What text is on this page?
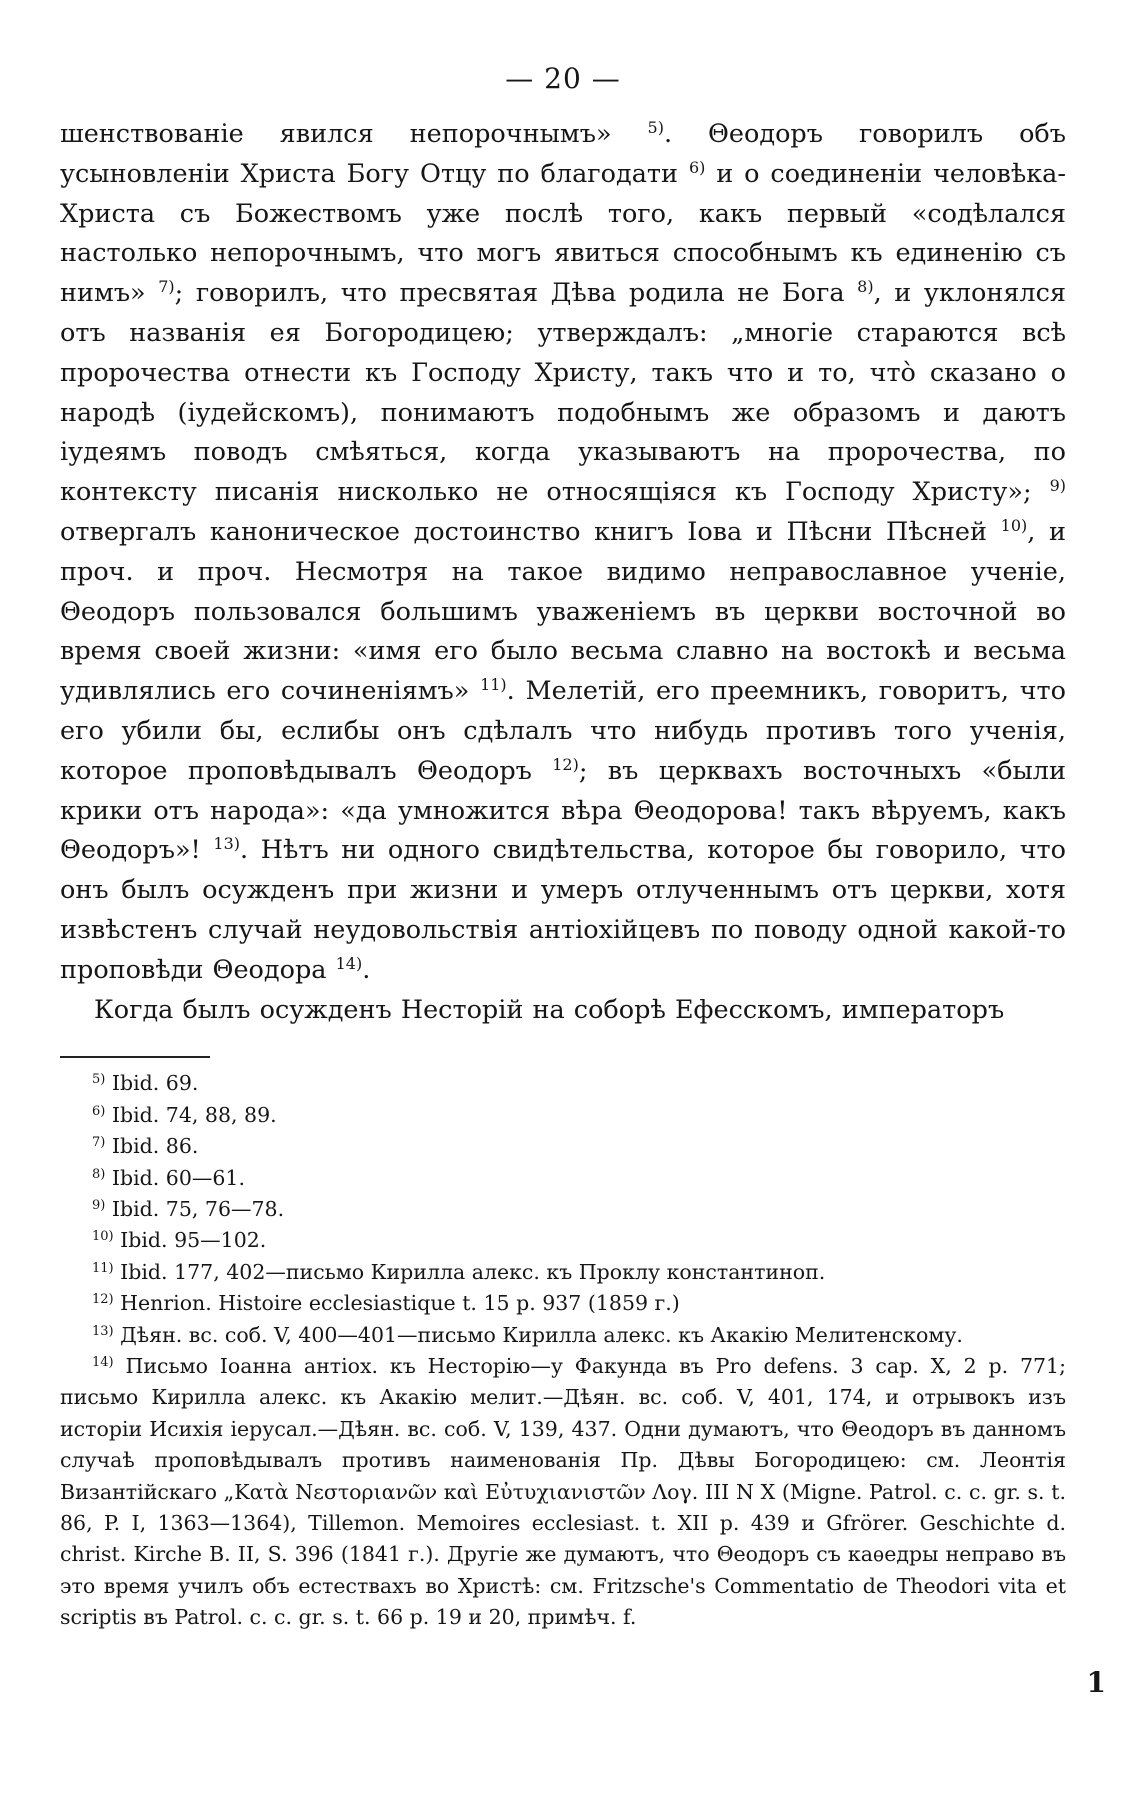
— 20 —

шенствованіе явился непорочнымъ» $^{5)}$. Θеодоръ говорилъ объ усыновленіи Христа Богу Отцу по благодати $^{6)}$ и о соединеніи человѣка-Христа съ Божествомъ уже послѣ того, какъ первый «содѣлался настолько непорочнымъ, что могъ явиться способнымъ къ единенію съ нимъ» $^{7)}$; говорилъ, что пресвятая Дѣва родила не Бога $^{8)}$, и уклонялся отъ названія ея Богородицею; утверждалъ: „многіе стараются всѣ пророчества отнести къ Господу Христу, такъ что и то, что̀ сказано о народѣ (іудейскомъ), понимаютъ подобнымъ же образомъ и даютъ іудеямъ поводъ смѣяться, когда указываютъ на пророчества, по контексту писанія нисколько не относящіяся къ Господу Христу»; $^{9)}$ отвергалъ каноническое достоинство книгъ Іова и Пѣсни Пѣсней $^{10)}$, и проч. и проч. Несмотря на такое видимо неправославное ученіе, Θеодоръ пользовался большимъ уваженіемъ въ церкви восточной во время своей жизни: «имя его было весьма славно на востокѣ и весьма удивлялись его сочиненіямъ» $^{11)}$. Мелетій, его преемникъ, говоритъ, что его убили бы, еслибы онъ сдѣлалъ что нибудь противъ того ученія, которое проповѣдывалъ Θеодоръ $^{12)}$; въ церквахъ восточныхъ «были крики отъ народа»: «да умножится вѣра Θеодорова! такъ вѣруемъ, какъ Θеодоръ»! $^{13)}$. Нѣтъ ни одного свидѣтельства, которое бы говорило, что онъ былъ осужденъ при жизни и умеръ отлученнымъ отъ церкви, хотя извѣстенъ случай неудовольствія антіохійцевъ по поводу одной какой-то проповѣди Θеодора $^{14)}$.

Когда былъ осужденъ Несторій на соборѣ Ефесскомъ, императоръ

$^{5)}$ Ibid. 69.
$^{6)}$ Ibid. 74, 88, 89.
$^{7)}$ Ibid. 86.
$^{8)}$ Ibid. 60—61.
$^{9)}$ Ibid. 75, 76—78.
$^{10)}$ Ibid. 95—102.
$^{11)}$ Ibid. 177, 402—письмо Кирилла алекс. къ Проклу константиноп.
$^{12)}$ Henrion. Histoire ecclesiastique t. 15 p. 937 (1859 г.)
$^{13)}$ Дѣян. вс. соб. V, 400—401—письмо Кирилла алекс. къ Акакію Мелитенскому.
$^{14)}$ Письмо Іоанна антіох. къ Несторію—у Факунда въ Pro defens. 3 cap. X, 2 p. 771; письмо Кирилла алекс. къ Акакію мелит.—Дѣян. вс. соб. V, 401, 174, и отрывокъ изъ исторіи Исихія іерусал.—Дѣян. вс. соб. V, 139, 437. Одни думаютъ, что Θеодоръ въ данномъ случаѣ проповѣдывалъ противъ наименованія Пр. Дѣвы Богородицею: см. Леонтія Византійскаго „Κατὰ Νεστοριανῶν καὶ Εὐτυχιανιστῶν Λογ. III N X (Migne. Patrol. c. c. gr. s. t. 86, P. I, 1363—1364), Tillemon. Memoires ecclesiast. t. XII p. 439 и Gfrörer. Geschichte d. christ. Kirche B. II, S. 396 (1841 г.). Другіе же думаютъ, что Θеодоръ съ каѳедры неправо въ это время училъ объ естествахъ во Христѣ: см. Fritzsche's Commentatio de Theodori vita et scriptis въ Patrol. c. c. gr. s. t. 66 p. 19 и 20, примѣч. f.
1
